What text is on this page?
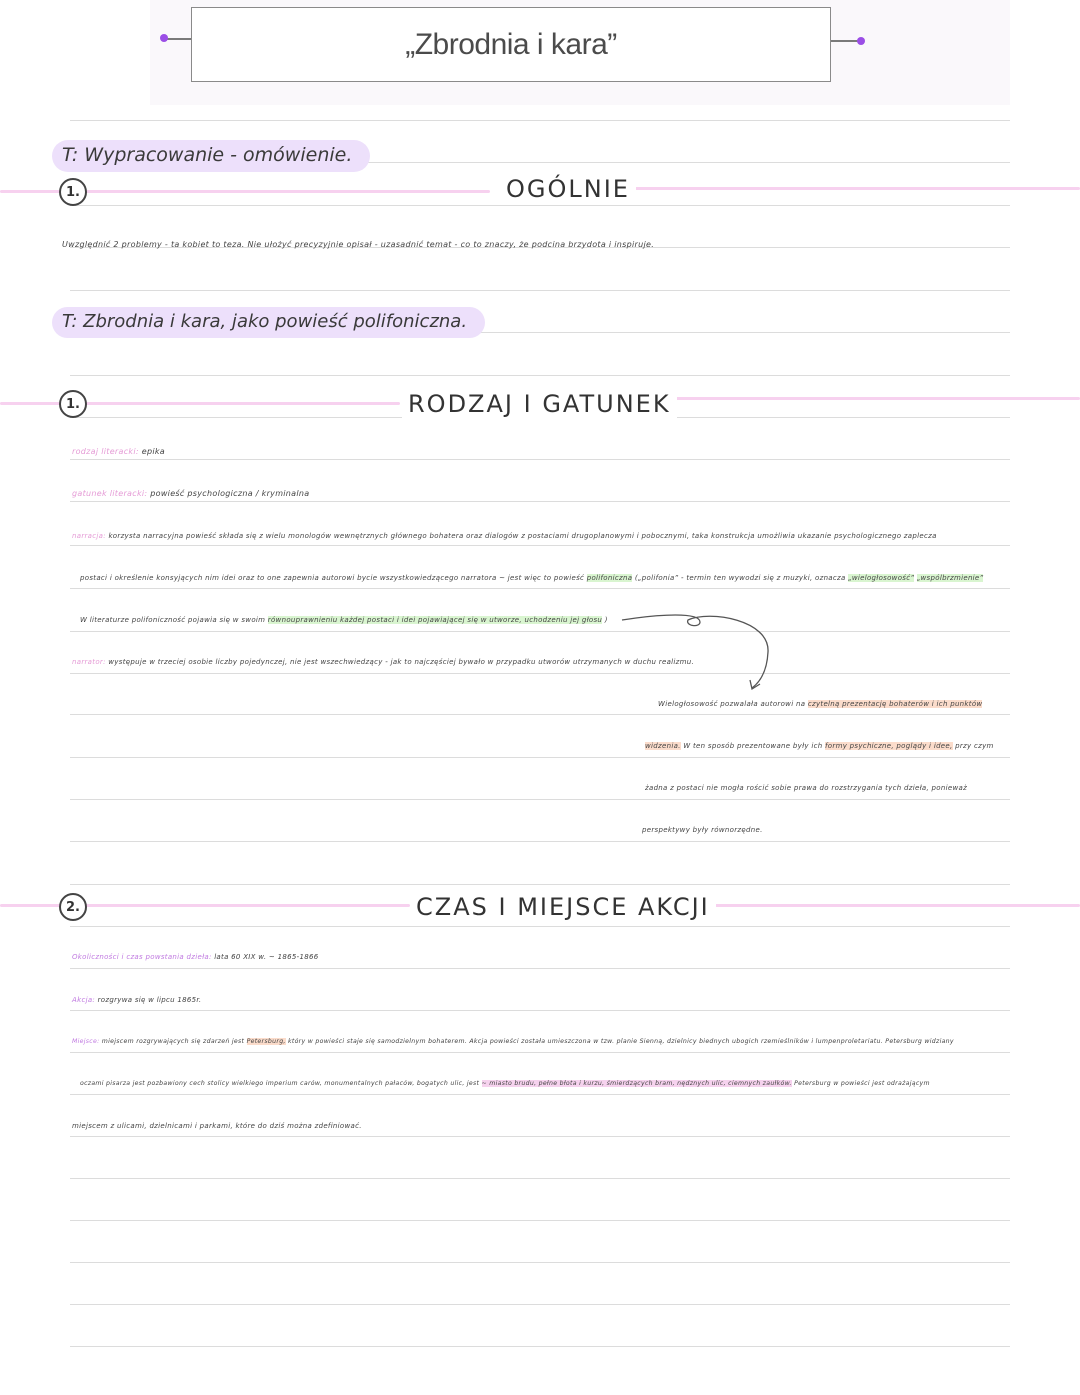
„Zbrodnia i kara”
T: Wypracowanie - omówienie.
1.	OGÓLNIE
Uwzględnić 2 problemy - ta kobiet to teza. Nie ułożyć precyzyjnie opisał - uzasadnić temat - co to znaczy, że podcina brzydota i inspiruje.
T: Zbrodnia i kara, jako powieść polifoniczna.
1.	RODZAJ I GATUNEK
rodzaj literacki: epika
gatunek literacki: powieść psychologiczna / kryminalna
narracja: korzysta narracyjna powieść składa się z wielu monologów wewnętrznych głównego bohatera oraz dialogów z postaciami drugoplanowymi i pobocznymi, taka konstrukcja umożliwia ukazanie psychologicznego zaplecza
postaci i określenie konsyjących nim idei oraz to one zapewnia autorowi bycie wszystkowiedzącego narratora ~ jest więc to powieść polifoniczna („polifonia” - termin ten wywodzi się z muzyki, oznacza „wielogłosowość” „wspólbrzmienie”
W literaturze polifoniczność pojawia się w swoim równouprawnieniu każdej postaci i idei pojawiającej się w utworze, uchodzeniu jej głosu )
narrator: występuje w trzeciej osobie liczby pojedynczej, nie jest wszechwiedzący - jak to najczęściej bywało w przypadku utworów utrzymanych w duchu realizmu.
Wielogłosowość pozwalała autorowi na czytelną prezentację bohaterów i ich punktów
widzenia. W ten sposób prezentowane były ich formy psychiczne, poglądy i idee, przy czym
żadna z postaci nie mogła rościć sobie prawa do rozstrzygania tych dzieła, ponieważ
perspektywy były równorzędne.
2.	CZAS I MIEJSCE AKCJI
Okoliczności i czas powstania dzieła: lata 60 XIX w. ~ 1865-1866
Akcja: rozgrywa się w lipcu 1865r.
Miejsce: miejscem rozgrywających się zdarzeń jest Petersburg, który w powieści staje się samodzielnym bohaterem. Akcja powieści została umieszczona w tzw. planie Sienną, dzielnicy biednych ubogich rzemieślników i lumpenproletariatu. Petersburg widziany
oczami pisarza jest pozbawiony cech stolicy wielkiego imperium carów, monumentalnych pałaców, bogatych ulic, jest ~ miasto brudu, pełne błota i kurzu, śmierdzących bram, nędznych ulic, ciemnych zaułków. Petersburg w powieści jest odrażającym
miejscem z ulicami, dzielnicami i parkami, które do dziś można zdefiniować.
